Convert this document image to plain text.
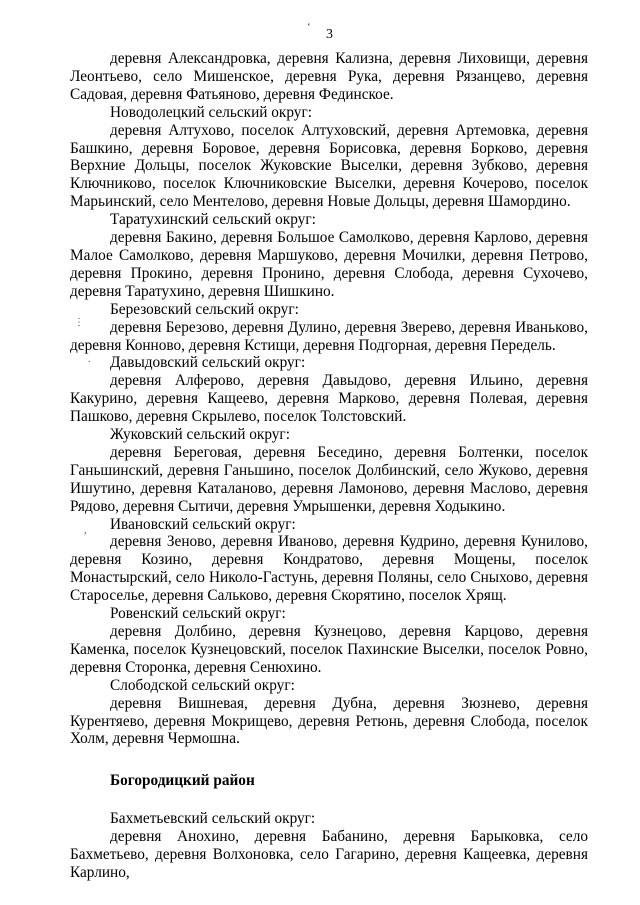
‘ 3
⋮
.
,

деревня Александровка, деревня Кализна, деревня Лиховищи, деревня Леонтьево, село Мишенское, деревня Рука, деревня Рязанцево, деревня Садовая, деревня Фатьяново, деревня Фединское.

Новодолецкий сельский округ:

деревня Алтухово, поселок Алтуховский, деревня Артемовка, деревня Башкино, деревня Боровое, деревня Борисовка, деревня Борково, деревня Верхние Дольцы, поселок Жуковские Выселки, деревня Зубково, деревня Ключниково, поселок Ключниковские Выселки, деревня Кочерово, поселок Марьинский, село Ментелово, деревня Новые Дольцы, деревня Шамордино.

Таратухинский сельский округ:

деревня Бакино, деревня Большое Самолково, деревня Карлово, деревня Малое Самолково, деревня Маршуково, деревня Мочилки, деревня Петрово, деревня Прокино, деревня Пронино, деревня Слобода, деревня Сухочево, деревня Таратухино, деревня Шишкино.

Березовский сельский округ:

деревня Березово, деревня Дулино, деревня Зверево, деревня Иваньково, деревня Конново, деревня Кстищи, деревня Подгорная, деревня Передель.

Давыдовский сельский округ:

деревня Алферово, деревня Давыдово, деревня Ильино, деревня Какурино, деревня Кащеево, деревня Марково, деревня Полевая, деревня Пашково, деревня Скрылево, поселок Толстовский.

Жуковский сельский округ:

деревня Береговая, деревня Беседино, деревня Болтенки, поселок Ганьшинский, деревня Ганьшино, поселок Долбинский, село Жуково, деревня Ишутино, деревня Каталаново, деревня Ламоново, деревня Маслово, деревня Рядово, деревня Сытичи, деревня Умрышенки, деревня Ходыкино.

Ивановский сельский округ:

деревня Зеново, деревня Иваново, деревня Кудрино, деревня Кунилово, деревня Козино, деревня Кондратово, деревня Мощены, поселок Монастырский, село Николо-Гастунь, деревня Поляны, село Сныхово, деревня Староселье, деревня Сальково, деревня Скорятино, поселок Хрящ.

Ровенский сельский округ:

деревня Долбино, деревня Кузнецово, деревня Карцово, деревня Каменка, поселок Кузнецовский, поселок Пахинские Выселки, поселок Ровно, деревня Сторонка, деревня Сенюхино.

Слободской сельский округ:

деревня Вишневая, деревня Дубна, деревня Зюзнево, деревня Курентяево, деревня Мокрищево, деревня Ретюнь, деревня Слобода, поселок Холм, деревня Чермошна.

Богородицкий район

Бахметьевский сельский округ:

деревня Анохино, деревня Бабанино, деревня Барыковка, село Бахметьево, деревня Волхоновка, село Гагарино, деревня Кащеевка, деревня Карлино,
